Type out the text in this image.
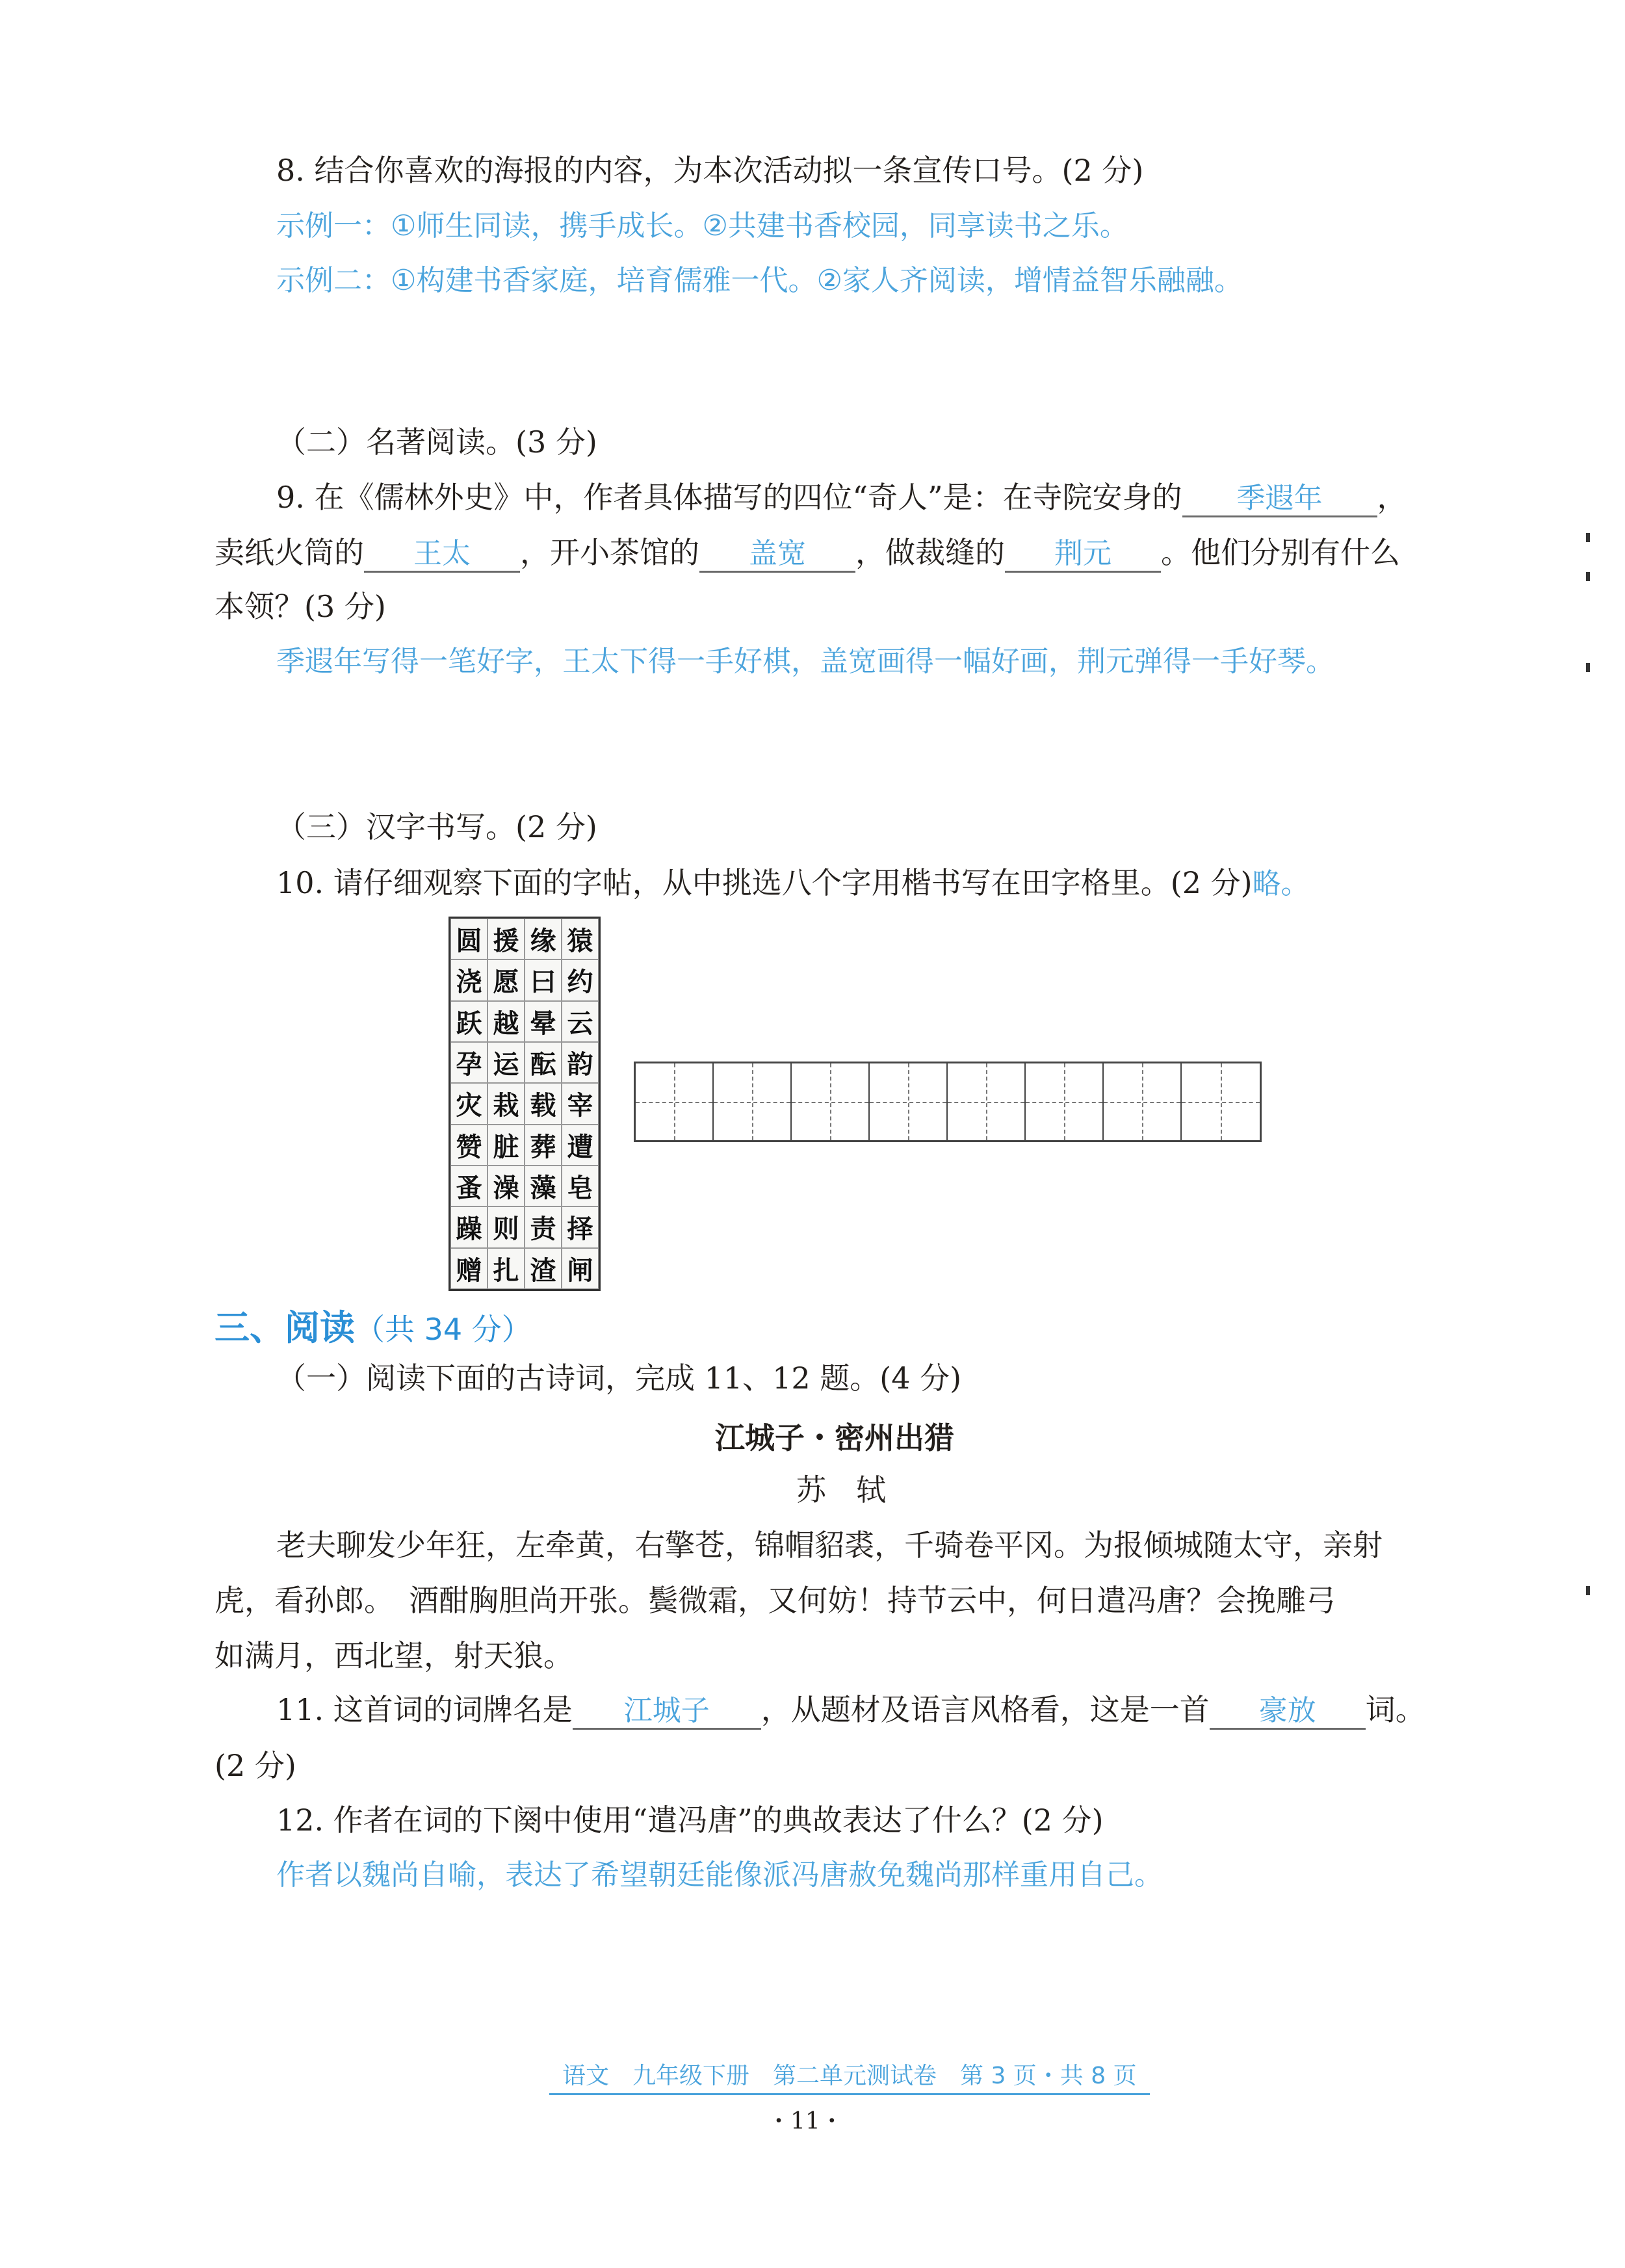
8. 结合你喜欢的海报的内容，为本次活动拟一条宣传口号。(2 分)
示例一：①师生同读，携手成长。②共建书香校园，同享读书之乐。
示例二：①构建书香家庭，培育儒雅一代。②家人齐阅读，增情益智乐融融。
（二）名著阅读。(3 分)
9. 在《儒林外史》中，作者具体描写的四位“奇人”是：在寺院安身的 季遐年 ，
卖纸火筒的 王太 ，开小茶馆的 盖宽 ，做裁缝的 荆元 。他们分别有什么
本领？(3 分)
季遐年写得一笔好字，王太下得一手好棋，盖宽画得一幅好画，荆元弹得一手好琴。
（三）汉字书写。(2 分)
10. 请仔细观察下面的字帖，从中挑选八个字用楷书写在田字格里。(2 分)略。
圆 援 缘 猿
浇 愿 曰 约
跃 越 晕 云
孕 运 酝 韵
灾 栽 载 宰
赞 脏 葬 遭
蚤 澡 藻 皂
躁 则 责 择
赠 扎 渣 闸
三、阅读（共 34 分）
（一）阅读下面的古诗词，完成 11、12 题。(4 分)
江城子・密州出猎
苏　轼
老夫聊发少年狂，左牵黄，右擎苍，锦帽貂裘，千骑卷平冈。为报倾城随太守，亲射
虎，看孙郎。　酒酣胸胆尚开张。鬓微霜，又何妨！持节云中，何日遣冯唐？会挽雕弓
如满月，西北望，射天狼。
11. 这首词的词牌名是 江城子 ，从题材及语言风格看，这是一首 豪放 词。
(2 分)
12. 作者在词的下阕中使用“遣冯唐”的典故表达了什么？(2 分)
作者以魏尚自喻，表达了希望朝廷能像派冯唐赦免魏尚那样重用自己。
语文　九年级下册　第二单元测试卷　第 3 页・共 8 页
・11・
